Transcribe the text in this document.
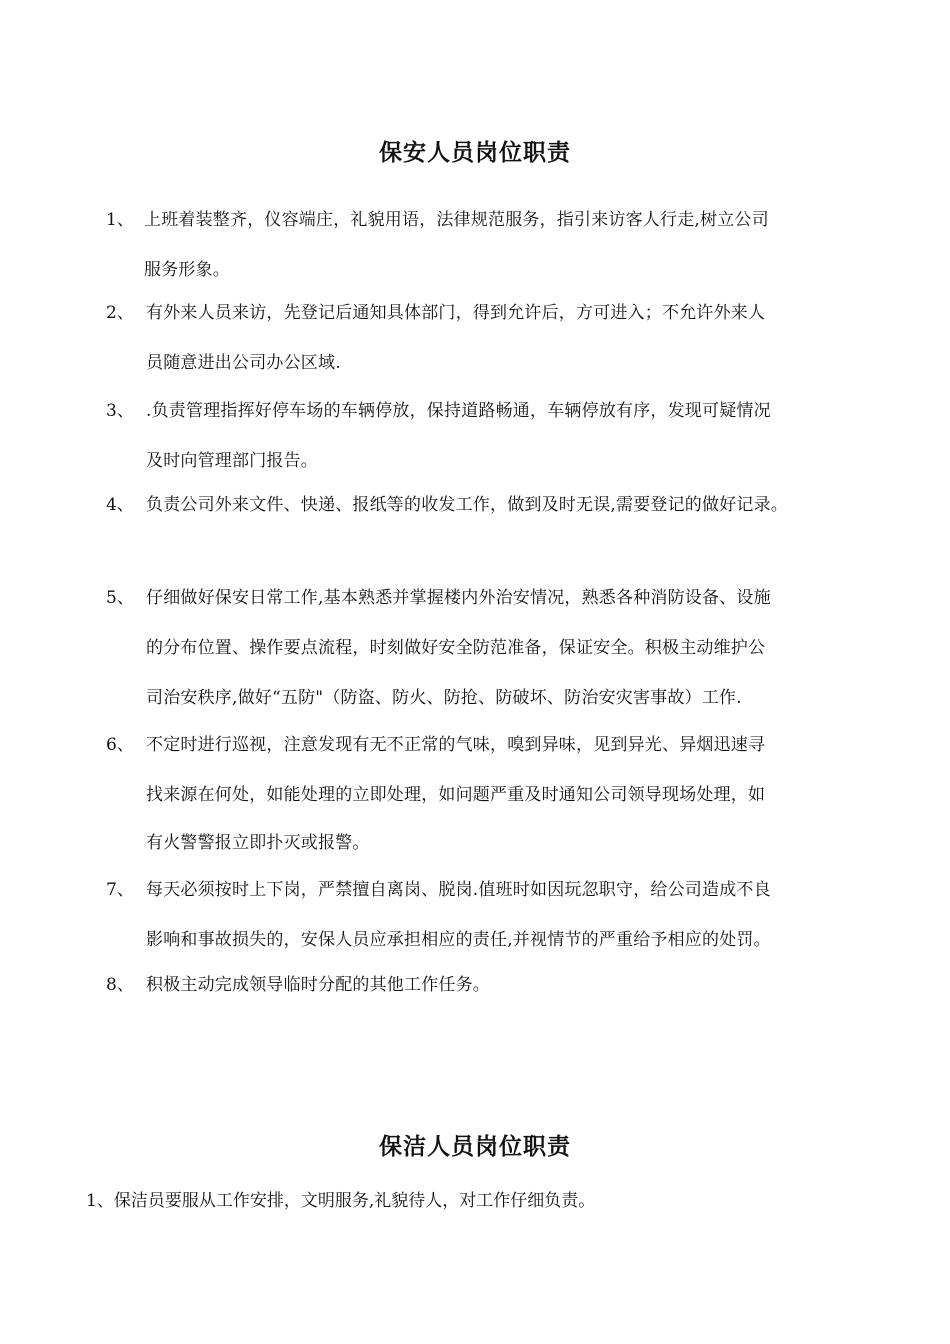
保安人员岗位职责
1、 上班着装整齐，仪容端庄，礼貌用语，法律规范服务，指引来访客人行走,树立公司
服务形象。
2、 有外来人员来访，先登记后通知具体部门，得到允许后，方可进入；不允许外来人
员随意进出公司办公区域.
3、 .负责管理指挥好停车场的车辆停放，保持道路畅通，车辆停放有序，发现可疑情况
及时向管理部门报告。
4、 负责公司外来文件、快递、报纸等的收发工作，做到及时无误,需要登记的做好记录。
5、 仔细做好保安日常工作,基本熟悉并掌握楼内外治安情况，熟悉各种消防设备、设施
的分布位置、操作要点流程，时刻做好安全防范准备，保证安全。积极主动维护公
司治安秩序,做好“五防"（防盗、防火、防抢、防破坏、防治安灾害事故）工作.
6、 不定时进行巡视，注意发现有无不正常的气味，嗅到异味，见到异光、异烟迅速寻
找来源在何处，如能处理的立即处理，如问题严重及时通知公司领导现场处理，如
有火警警报立即扑灭或报警。
7、 每天必须按时上下岗，严禁擅自离岗、脱岗.值班时如因玩忽职守，给公司造成不良
影响和事故损失的，安保人员应承担相应的责任,并视情节的严重给予相应的处罚。
8、 积极主动完成领导临时分配的其他工作任务。
保洁人员岗位职责
1、保洁员要服从工作安排，文明服务,礼貌待人，对工作仔细负责。
